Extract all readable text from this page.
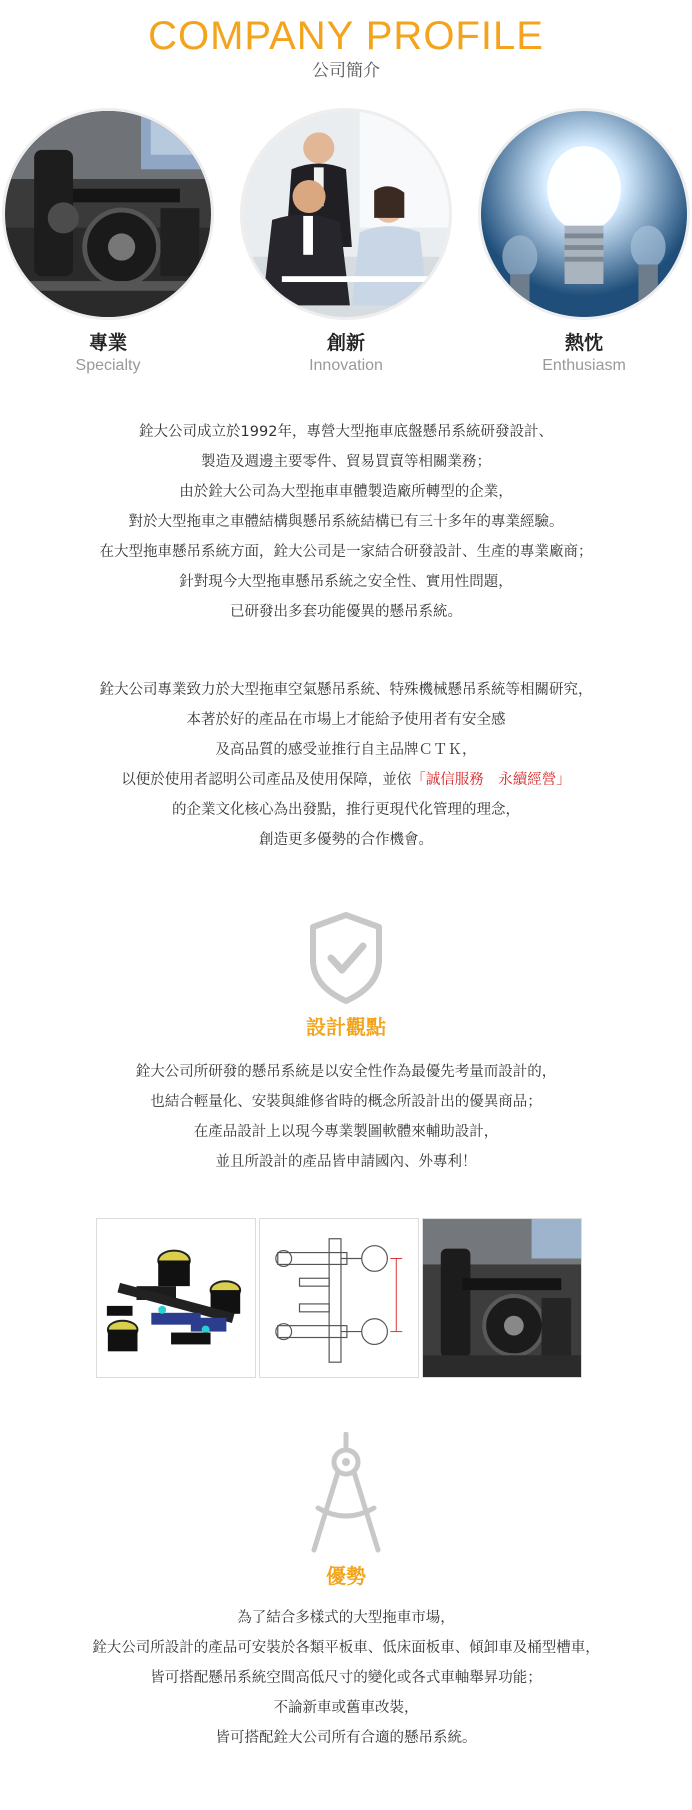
COMPANY PROFILE
公司簡介
專業
Specialty
創新
Innovation
熱忱
Enthusiasm

銓大公司成立於1992年，專營大型拖車底盤懸吊系統研發設計、

製造及週邊主要零件、貿易買賣等相關業務；

由於銓大公司為大型拖車車體製造廠所轉型的企業，

對於大型拖車之車體結構與懸吊系統結構已有三十多年的專業經驗。

在大型拖車懸吊系統方面，銓大公司是一家結合研發設計、生產的專業廠商；

針對現今大型拖車懸吊系統之安全性、實用性問題，

已研發出多套功能優異的懸吊系統。

銓大公司專業致力於大型拖車空氣懸吊系統、特殊機械懸吊系統等相關研究，

本著於好的產品在市場上才能給予使用者有安全感

及高品質的感受並推行自主品牌ＣＴＫ，

以便於使用者認明公司產品及使用保障，並依「誠信服務　永續經營」

的企業文化核心為出發點，推行更現代化管理的理念，

創造更多優勢的合作機會。

設計觀點

銓大公司所研發的懸吊系統是以安全性作為最優先考量而設計的，

也結合輕量化、安裝與維修省時的概念所設計出的優異商品；

在產品設計上以現今專業製圖軟體來輔助設計，

並且所設計的產品皆申請國內、外專利！

優勢

為了結合多樣式的大型拖車市場，

銓大公司所設計的產品可安裝於各類平板車、低床面板車、傾卸車及桶型槽車，

皆可搭配懸吊系統空間高低尺寸的變化或各式車軸舉昇功能；

不論新車或舊車改裝，

皆可搭配銓大公司所有合適的懸吊系統。
